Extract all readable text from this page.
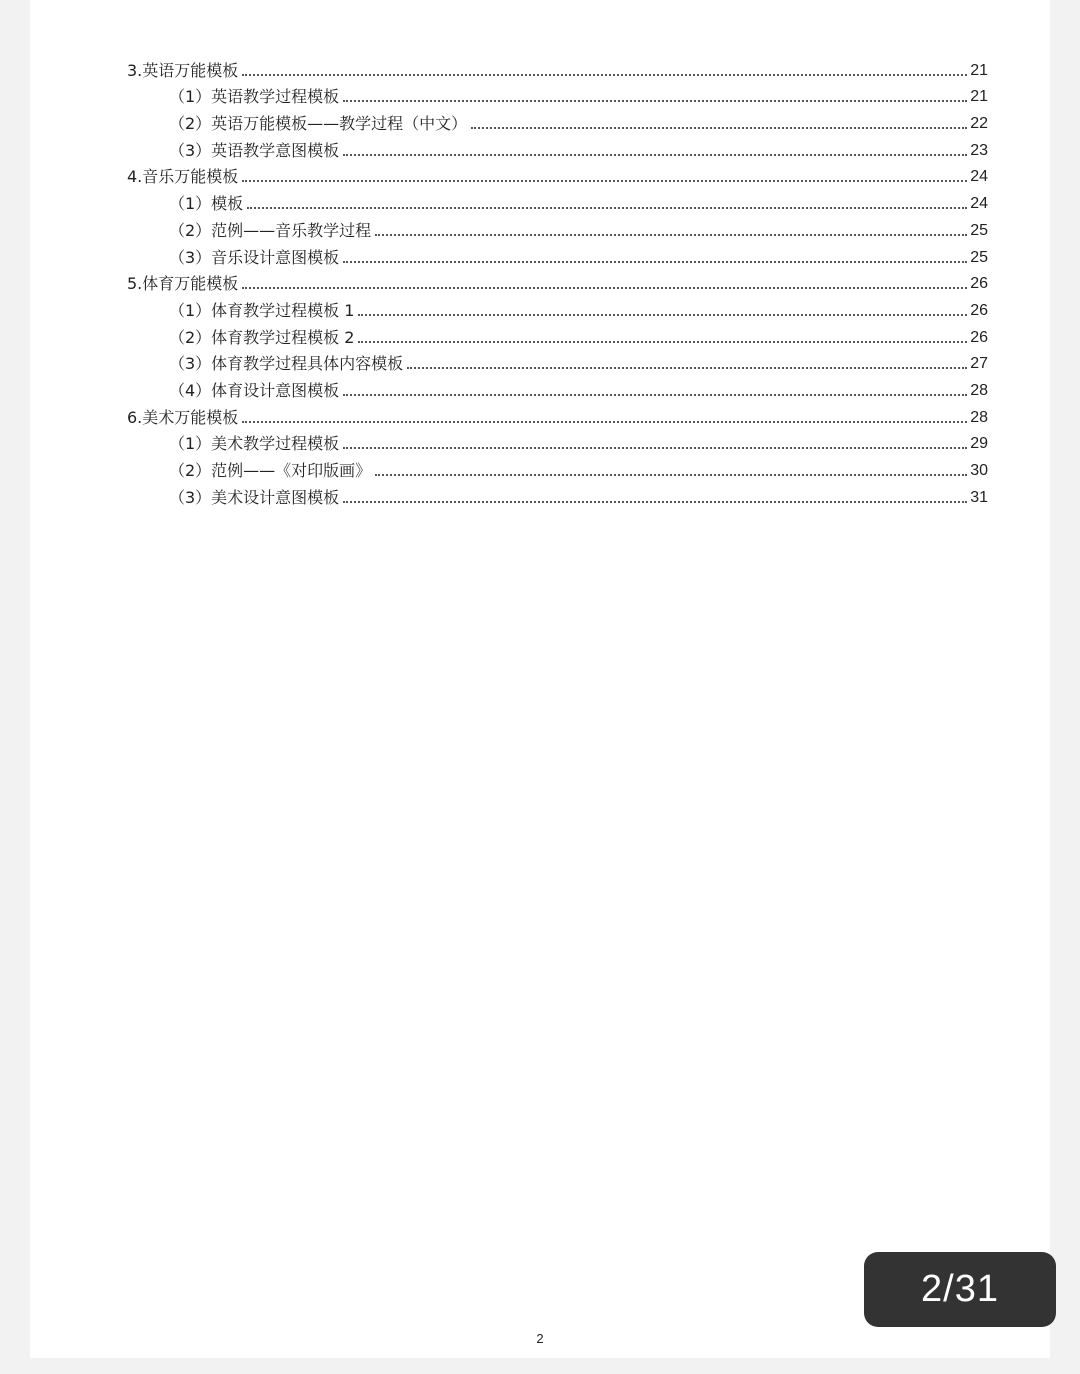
3.英语万能模板	21
（1）英语教学过程模板	21
（2）英语万能模板——教学过程（中文）	22
（3）英语教学意图模板	23
4.音乐万能模板	24
（1）模板	24
（2）范例——音乐教学过程	25
（3）音乐设计意图模板	25
5.体育万能模板	26
（1）体育教学过程模板 1	26
（2）体育教学过程模板 2	26
（3）体育教学过程具体内容模板	27
（4）体育设计意图模板	28
6.美术万能模板	28
（1）美术教学过程模板	29
（2）范例——《对印版画》	30
（3）美术设计意图模板	31
2
2/31
